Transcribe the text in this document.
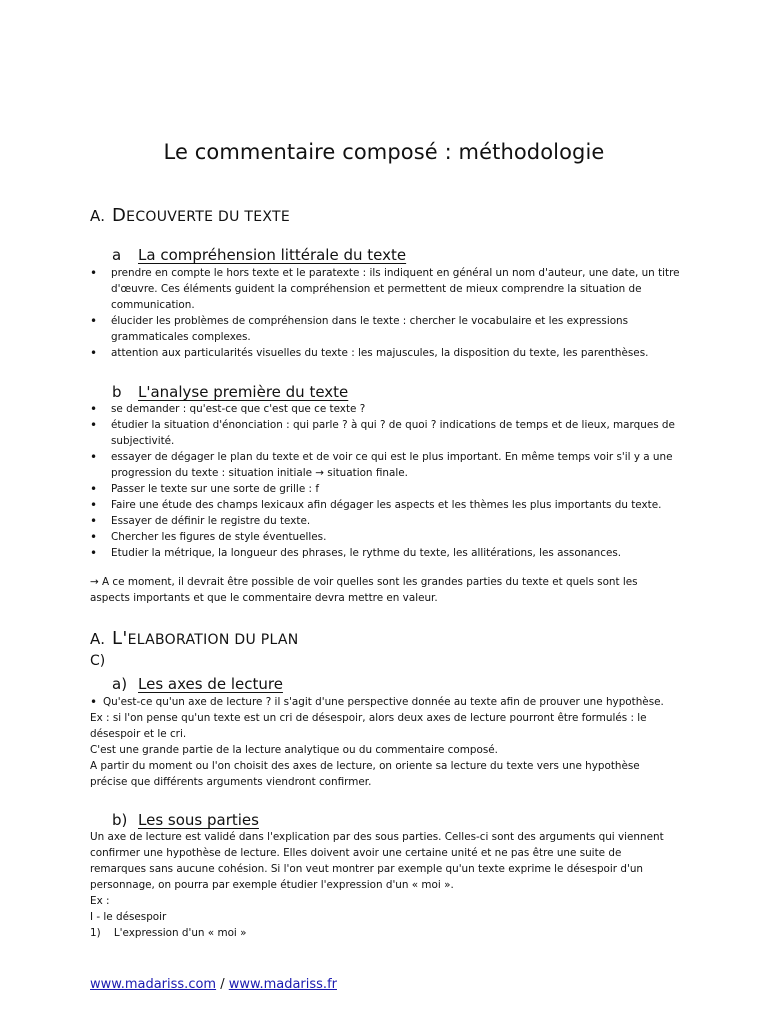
Le commentaire composé : méthodologie
A. DECOUVERTE DU TEXTE
a La compréhension littérale du texte
• prendre en compte le hors texte et le paratexte : ils indiquent en général un nom d'auteur, une date, un titre d'œuvre. Ces éléments guident la compréhension et permettent de mieux comprendre la situation de communication.
• élucider les problèmes de compréhension dans le texte : chercher le vocabulaire et les expressions grammaticales complexes.
• attention aux particularités visuelles du texte : les majuscules, la disposition du texte, les parenthèses.
b L'analyse première du texte
• se demander : qu'est-ce que c'est que ce texte ?
• étudier la situation d'énonciation : qui parle ? à qui ? de quoi ? indications de temps et de lieux, marques de subjectivité.
• essayer de dégager le plan du texte et de voir ce qui est le plus important. En même temps voir s'il y a une progression du texte : situation initiale → situation finale.
• Passer le texte sur une sorte de grille : f
• Faire une étude des champs lexicaux afin dégager les aspects et les thèmes les plus importants du texte.
• Essayer de définir le registre du texte.
• Chercher les figures de style éventuelles.
• Etudier la métrique, la longueur des phrases, le rythme du texte, les allitérations, les assonances.

→ A ce moment, il devrait être possible de voir quelles sont les grandes parties du texte et quels sont les aspects importants et que le commentaire devra mettre en valeur.

A. L'ELABORATION DU PLAN
C)
a) Les axes de lecture
• Qu'est-ce qu'un axe de lecture ? il s'agit d'une perspective donnée au texte afin de prouver une hypothèse.

Ex : si l'on pense qu'un texte est un cri de désespoir, alors deux axes de lecture pourront être formulés : le désespoir et le cri.

C'est une grande partie de la lecture analytique ou du commentaire composé.

A partir du moment ou l'on choisit des axes de lecture, on oriente sa lecture du texte vers une hypothèse précise que différents arguments viendront confirmer.

b) Les sous parties

Un axe de lecture est validé dans l'explication par des sous parties. Celles-ci sont des arguments qui viennent confirmer une hypothèse de lecture. Elles doivent avoir une certaine unité et ne pas être une suite de remarques sans aucune cohésion. Si l'on veut montrer par exemple qu'un texte exprime le désespoir d'un personnage, on pourra par exemple étudier l'expression d'un « moi ».

Ex :

I - le désespoir

1)    L'expression d'un « moi »

www.madariss.com / www.madariss.fr
